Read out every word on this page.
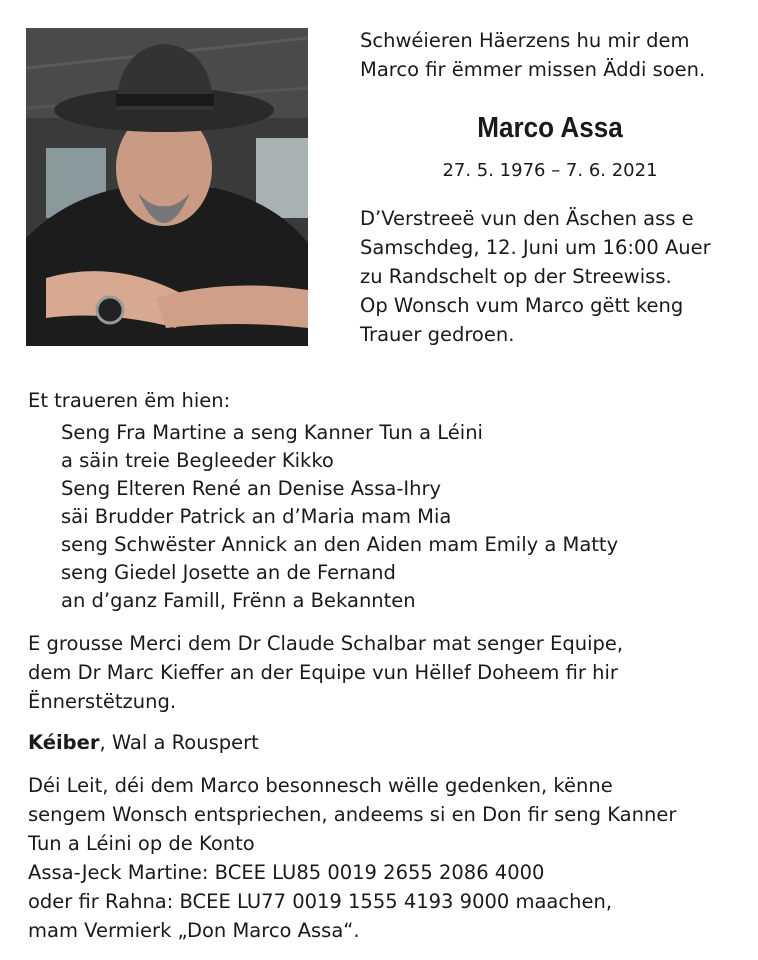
Schwéieren Häerzens hu mir dem
Marco fir ëmmer missen Äddi soen.

Marco Assa
27. 5. 1976 – 7. 6. 2021

D’Verstreeë vun den Äschen ass e
Samschdeg, 12. Juni um 16:00 Auer
zu Randschelt op der Streewiss.
Op Wonsch vum Marco gëtt keng
Trauer gedroen.

Et traueren ëm hien:

Seng Fra Martine a seng Kanner Tun a Léini
a säin treie Begleeder Kikko
Seng Elteren René an Denise Assa-Ihry
säi Brudder Patrick an d’Maria mam Mia
seng Schwëster Annick an den Aiden mam Emily a Matty
seng Giedel Josette an de Fernand
an d’ganz Famill, Frënn a Bekannten

E grousse Merci dem Dr Claude Schalbar mat senger Equipe,
dem Dr Marc Kieffer an der Equipe vun Hëllef Doheem fir hir
Ënnerstëtzung.

Kéiber, Wal a Rouspert

Déi Leit, déi dem Marco besonnesch wëlle gedenken, kënne
sengem Wonsch entspriechen, andeems si en Don fir seng Kanner
Tun a Léini op de Konto
Assa-Jeck Martine: BCEE LU85 0019 2655 2086 4000
oder fir Rahna: BCEE LU77 0019 1555 4193 9000 maachen,
mam Vermierk „Don Marco Assa“.
